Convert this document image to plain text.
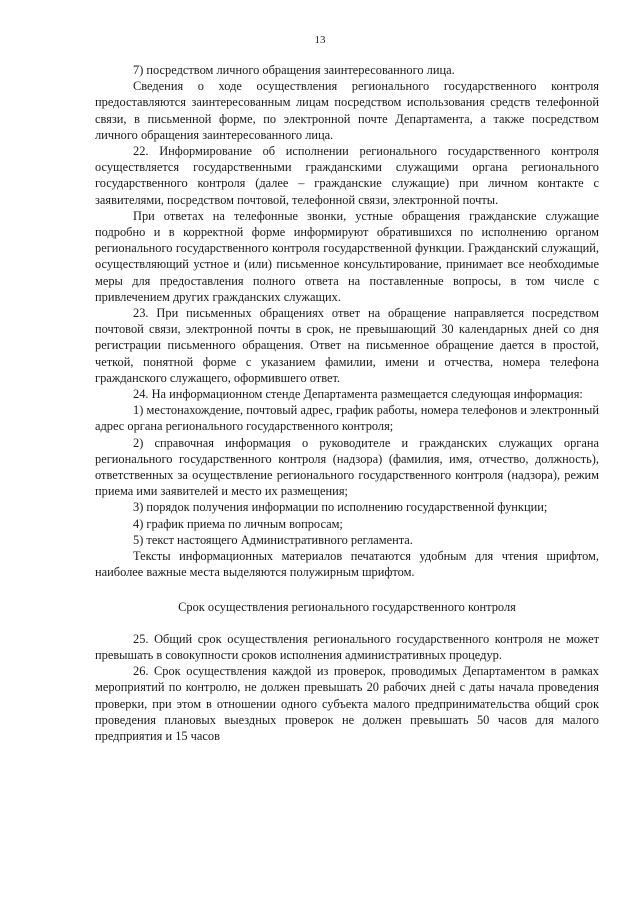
13

7) посредством личного обращения заинтересованного лица.

Сведения о ходе осуществления регионального государственного контроля предоставляются заинтересованным лицам посредством использования средств телефонной связи, в письменной форме, по электронной почте Департамента, а также посредством личного обращения заинтересованного лица.

22. Информирование об исполнении регионального государственного контроля осуществляется государственными гражданскими служащими органа регионального государственного контроля (далее – гражданские служащие) при личном контакте с заявителями, посредством почтовой, телефонной связи, электронной почты.

При ответах на телефонные звонки, устные обращения гражданские служащие подробно и в корректной форме информируют обратившихся по исполнению органом регионального государственного контроля государственной функции. Гражданский служащий, осуществляющий устное и (или) письменное консультирование, принимает все необходимые меры для предоставления полного ответа на поставленные вопросы, в том числе с привлечением других гражданских служащих.

23. При письменных обращениях ответ на обращение направляется посредством почтовой связи, электронной почты в срок, не превышающий 30 календарных дней со дня регистрации письменного обращения. Ответ на письменное обращение дается в простой, четкой, понятной форме с указанием фамилии, имени и отчества, номера телефона гражданского служащего, оформившего ответ.

24. На информационном стенде Департамента размещается следующая информация:

1) местонахождение, почтовый адрес, график работы, номера телефонов и электронный адрес органа регионального государственного контроля;

2) справочная информация о руководителе и гражданских служащих органа регионального государственного контроля (надзора) (фамилия, имя, отчество, должность), ответственных за осуществление регионального государственного контроля (надзора), режим приема ими заявителей и место их размещения;

3) порядок получения информации по исполнению государственной функции;

4) график приема по личным вопросам;

5) текст настоящего Административного регламента.

Тексты информационных материалов печатаются удобным для чтения шрифтом, наиболее важные места выделяются полужирным шрифтом.

Срок осуществления регионального государственного контроля

25. Общий срок осуществления регионального государственного контроля не может превышать в совокупности сроков исполнения административных процедур.

26. Срок осуществления каждой из проверок, проводимых Департаментом в рамках мероприятий по контролю, не должен превышать 20 рабочих дней с даты начала проведения проверки, при этом в отношении одного субъекта малого предпринимательства общий срок проведения плановых выездных проверок не должен превышать 50 часов для малого предприятия и 15 часов
